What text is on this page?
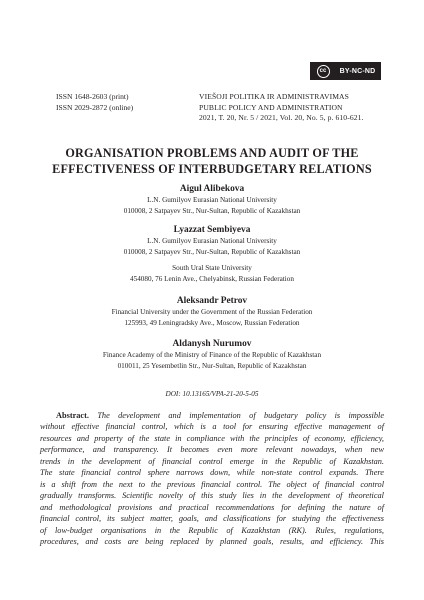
cc	BY-NC-ND
ISSN 1648-2603 (print)
ISSN 2029-2872 (online)
VIEŠOJI POLITIKA IR ADMINISTRAVIMAS
PUBLIC POLICY AND ADMINISTRATION
2021, T. 20, Nr. 5 / 2021, Vol. 20, No. 5, p. 610-621.
ORGANISATION PROBLEMS AND AUDIT OF THE
EFFECTIVENESS OF INTERBUDGETARY RELATIONS
Aigul Alibekova
L.N. Gumilyov Eurasian National University
010008, 2 Satpayev Str., Nur-Sultan, Republic of Kazakhstan
Lyazzat Sembiyeva
L.N. Gumilyov Eurasian National University
010008, 2 Satpayev Str., Nur-Sultan, Republic of Kazakhstan
South Ural State University
454080, 76 Lenin Ave., Chelyabinsk, Russian Federation
Aleksandr Petrov
Financial University under the Government of the Russian Federation
125993, 49 Leningradsky Ave., Moscow, Russian Federation
Aldanysh Nurumov
Finance Academy of the Ministry of Finance of the Republic of Kazakhstan
010011, 25 Yesembetlin Str., Nur-Sultan, Republic of Kazakhstan
DOI: 10.13165/VPA-21-20-5-05
Abstract. The development and implementation of budgetary policy is impossible
without effective financial control, which is a tool for ensuring effective management of
resources and property of the state in compliance with the principles of economy, efficiency,
performance, and transparency. It becomes even more relevant nowadays, when new
trends in the development of financial control emerge in the Republic of Kazakhstan.
The state financial control sphere narrows down, while non-state control expands. There
is a shift from the next to the previous financial control. The object of financial control
gradually transforms. Scientific novelty of this study lies in the development of theoretical
and methodological provisions and practical recommendations for defining the nature of
financial control, its subject matter, goals, and classifications for studying the effectiveness
of low-budget organisations in the Republic of Kazakhstan (RK). Rules, regulations,
procedures, and costs are being replaced by planned goals, results, and efficiency. This
